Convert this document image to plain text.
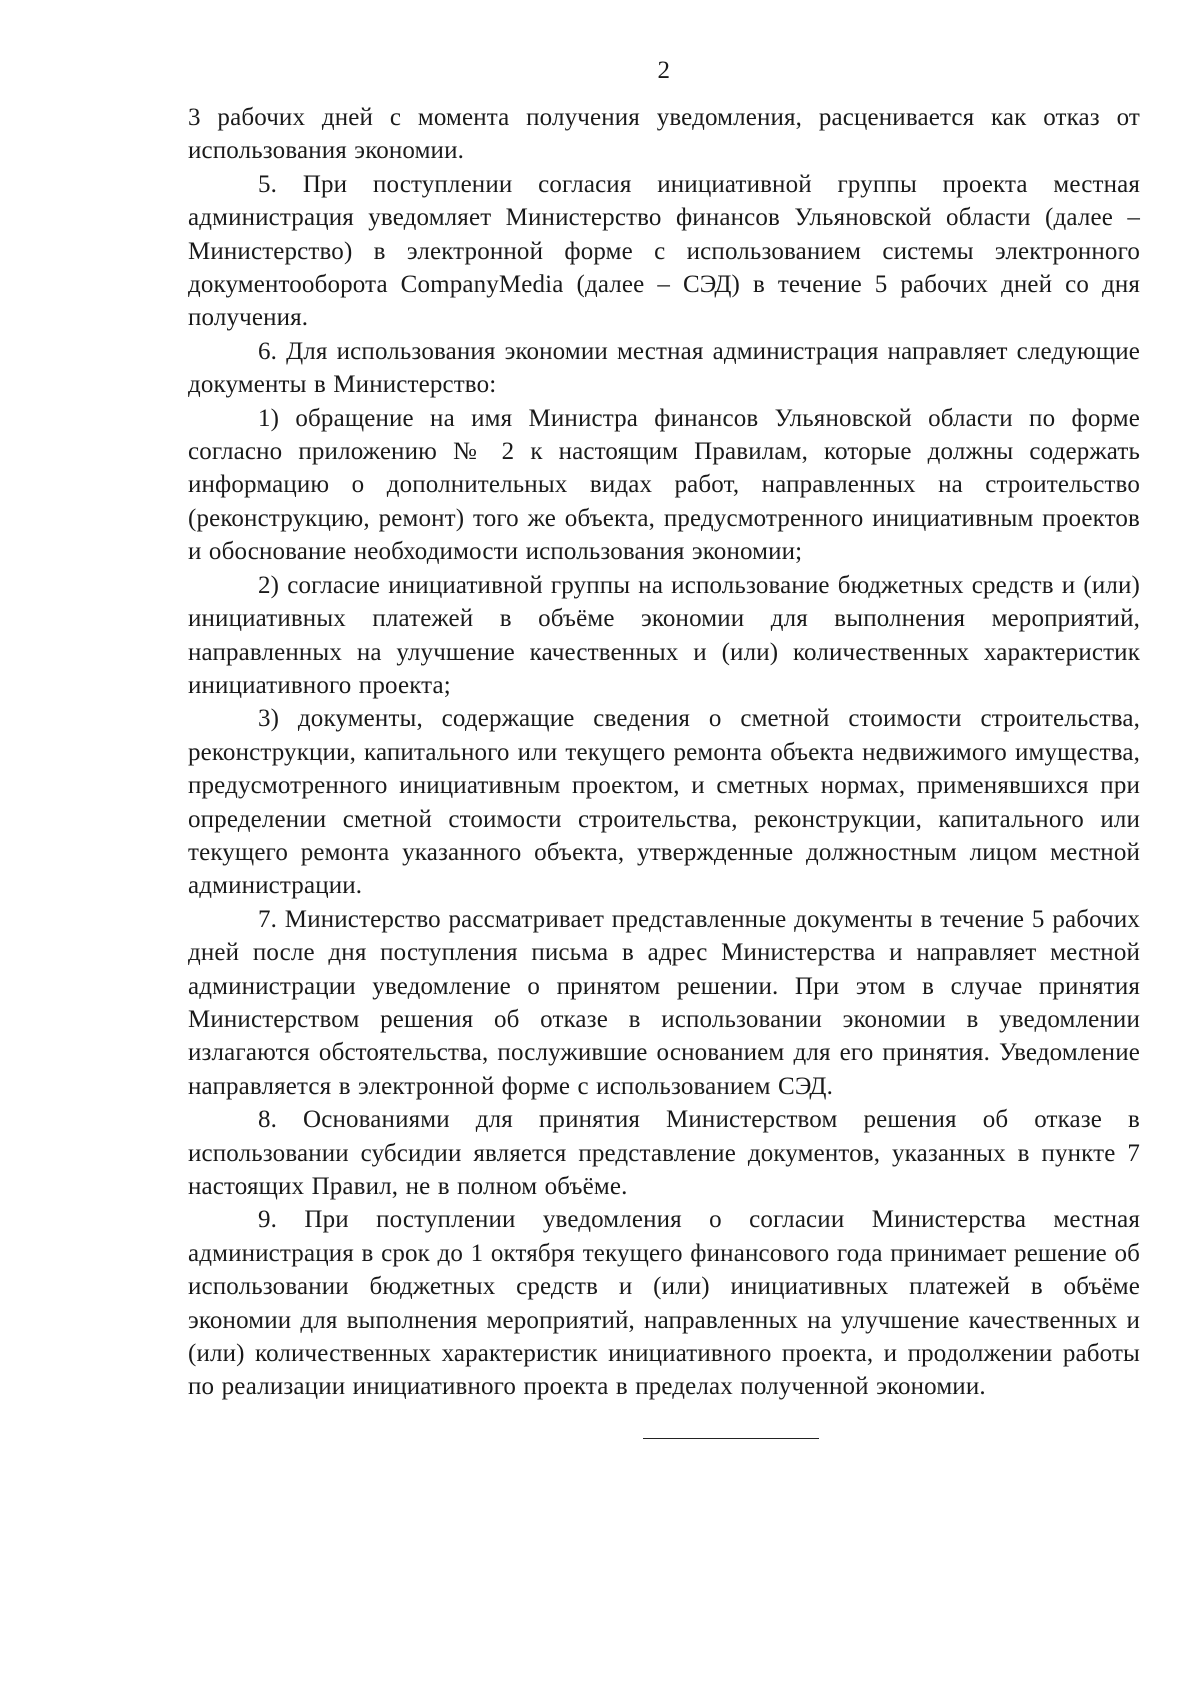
2

3 рабочих дней с момента получения уведомления, расценивается как отказ от использования экономии.

5. При поступлении согласия инициативной группы проекта местная администрация уведомляет Министерство финансов Ульяновской области (далее – Министерство) в электронной форме с использованием системы электронного документооборота CompanyMedia (далее – СЭД) в течение 5 рабочих дней со дня получения.

6. Для использования экономии местная администрация направляет следующие документы в Министерство:

1) обращение на имя Министра финансов Ульяновской области по форме согласно приложению № 2 к настоящим Правилам, которые должны содержать информацию о дополнительных видах работ, направленных на строительство (реконструкцию, ремонт) того же объекта, предусмотренного инициативным проектов и обоснование необходимости использования экономии;

2) согласие инициативной группы на использование бюджетных средств и (или) инициативных платежей в объёме экономии для выполнения мероприятий, направленных на улучшение качественных и (или) количественных характеристик инициативного проекта;

3) документы, содержащие сведения о сметной стоимости строительства, реконструкции, капитального или текущего ремонта объекта недвижимого имущества, предусмотренного инициативным проектом, и сметных нормах, применявшихся при определении сметной стоимости строительства, реконструкции, капитального или текущего ремонта указанного объекта, утвержденные должностным лицом местной администрации.

7. Министерство рассматривает представленные документы в течение 5 рабочих дней после дня поступления письма в адрес Министерства и направляет местной администрации уведомление о принятом решении. При этом в случае принятия Министерством решения об отказе в использовании экономии в уведомлении излагаются обстоятельства, послужившие основанием для его принятия. Уведомление направляется в электронной форме с использованием СЭД.

8. Основаниями для принятия Министерством решения об отказе в использовании субсидии является представление документов, указанных в пункте 7 настоящих Правил, не в полном объёме.

9. При поступлении уведомления о согласии Министерства местная администрация в срок до 1 октября текущего финансового года принимает решение об использовании бюджетных средств и (или) инициативных платежей в объёме экономии для выполнения мероприятий, направленных на улучшение качественных и (или) количественных характеристик инициативного проекта, и продолжении работы по реализации инициативного проекта в пределах полученной экономии.
